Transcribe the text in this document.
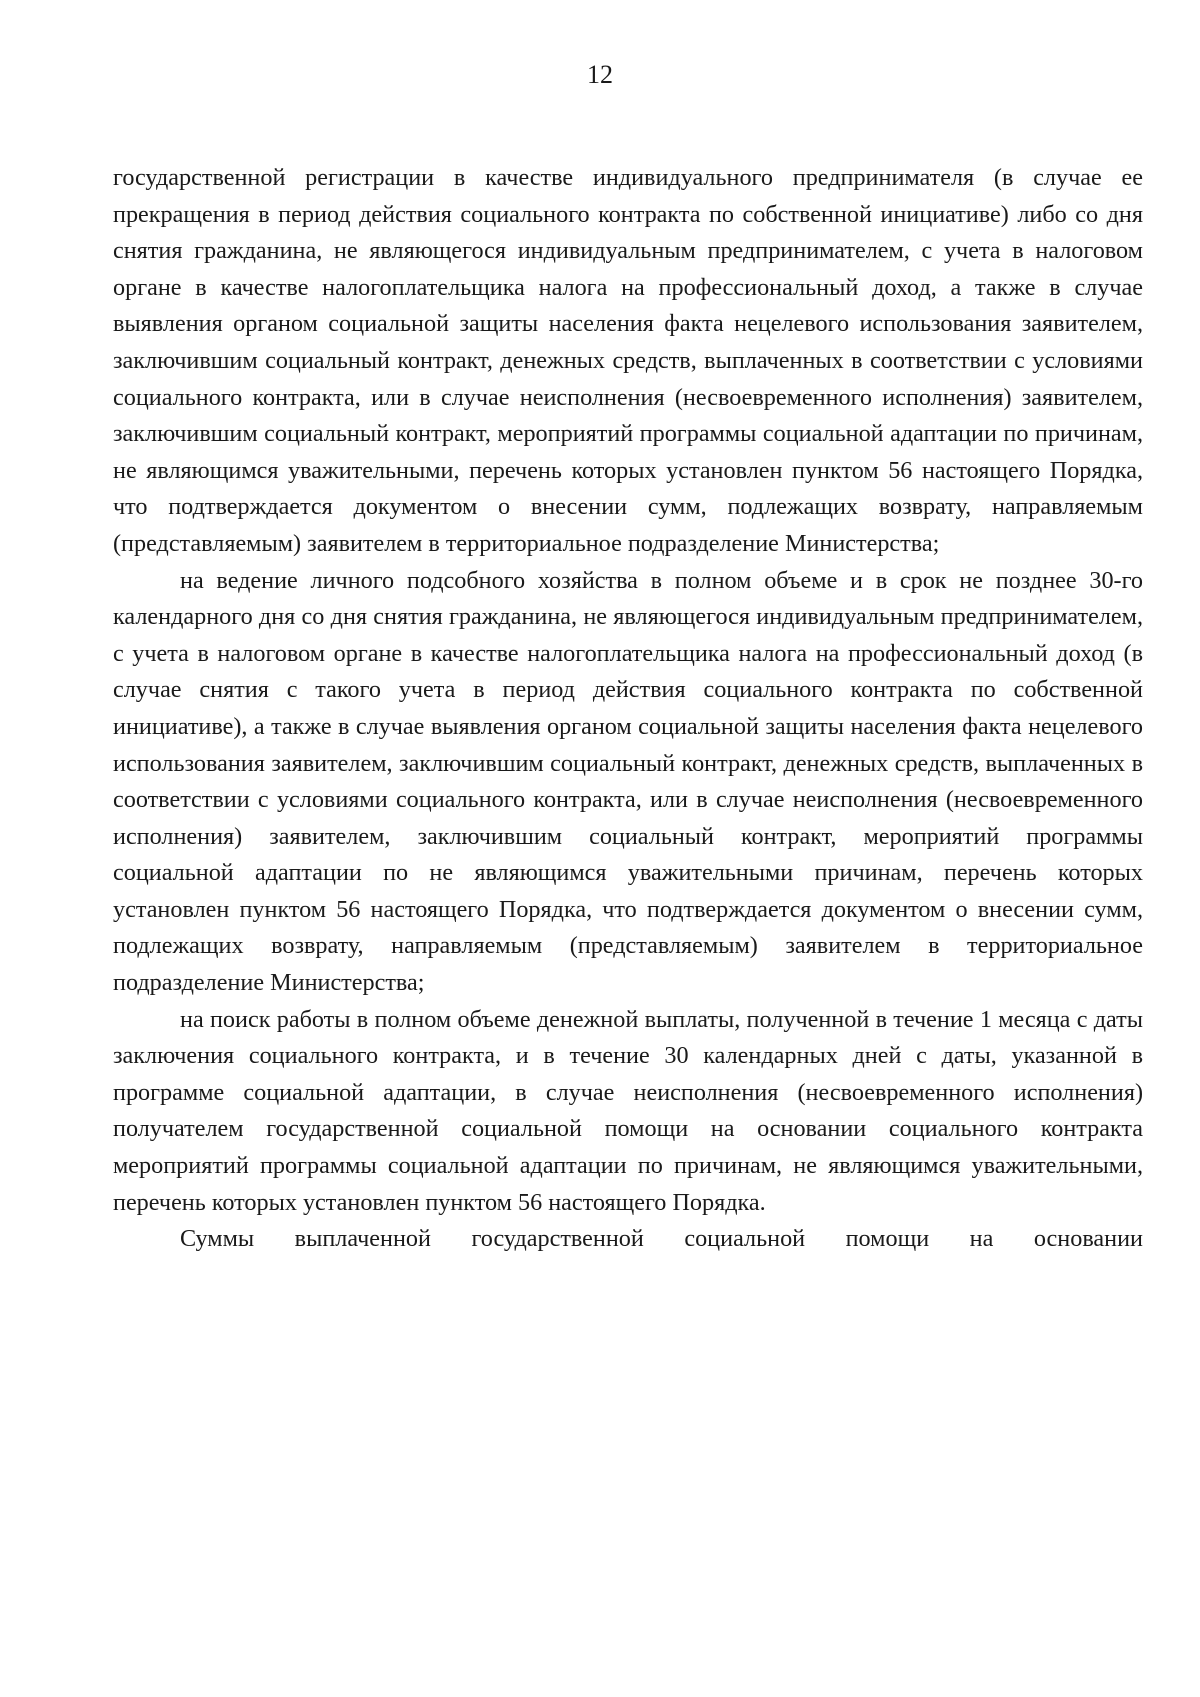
12

государственной регистрации в качестве индивидуального предпринимателя (в случае ее прекращения в период действия социального контракта по собственной инициативе) либо со дня снятия гражданина, не являющегося индивидуальным предпринимателем, с учета в налоговом органе в качестве налогоплательщика налога на профессиональный доход, а также в случае выявления органом социальной защиты населения факта нецелевого использования заявителем, заключившим социальный контракт, денежных средств, выплаченных в соответствии с условиями социального контракта, или в случае неисполнения (несвоевременного исполнения) заявителем, заключившим социальный контракт, мероприятий программы социальной адаптации по причинам, не являющимся уважительными, перечень которых установлен пунктом 56 настоящего Порядка, что подтверждается документом о внесении сумм, подлежащих возврату, направляемым (представляемым) заявителем в территориальное подразделение Министерства;

на ведение личного подсобного хозяйства в полном объеме и в срок не позднее 30-го календарного дня со дня снятия гражданина, не являющегося индивидуальным предпринимателем, с учета в налоговом органе в качестве налогоплательщика налога на профессиональный доход (в случае снятия с такого учета в период действия социального контракта по собственной инициативе), а также в случае выявления органом социальной защиты населения факта нецелевого использования заявителем, заключившим социальный контракт, денежных средств, выплаченных в соответствии с условиями социального контракта, или в случае неисполнения (несвоевременного исполнения) заявителем, заключившим социальный контракт, мероприятий программы социальной адаптации по не являющимся уважительными причинам, перечень которых установлен пунктом 56 настоящего Порядка, что подтверждается документом о внесении сумм, подлежащих возврату, направляемым (представляемым) заявителем в территориальное подразделение Министерства;

на поиск работы в полном объеме денежной выплаты, полученной в течение 1 месяца с даты заключения социального контракта, и в течение 30 календарных дней с даты, указанной в программе социальной адаптации, в случае неисполнения (несвоевременного исполнения) получателем государственной социальной помощи на основании социального контракта мероприятий программы социальной адаптации по причинам, не являющимся уважительными, перечень которых установлен пунктом 56 настоящего Порядка.

Суммы выплаченной государственной социальной помощи на основании
